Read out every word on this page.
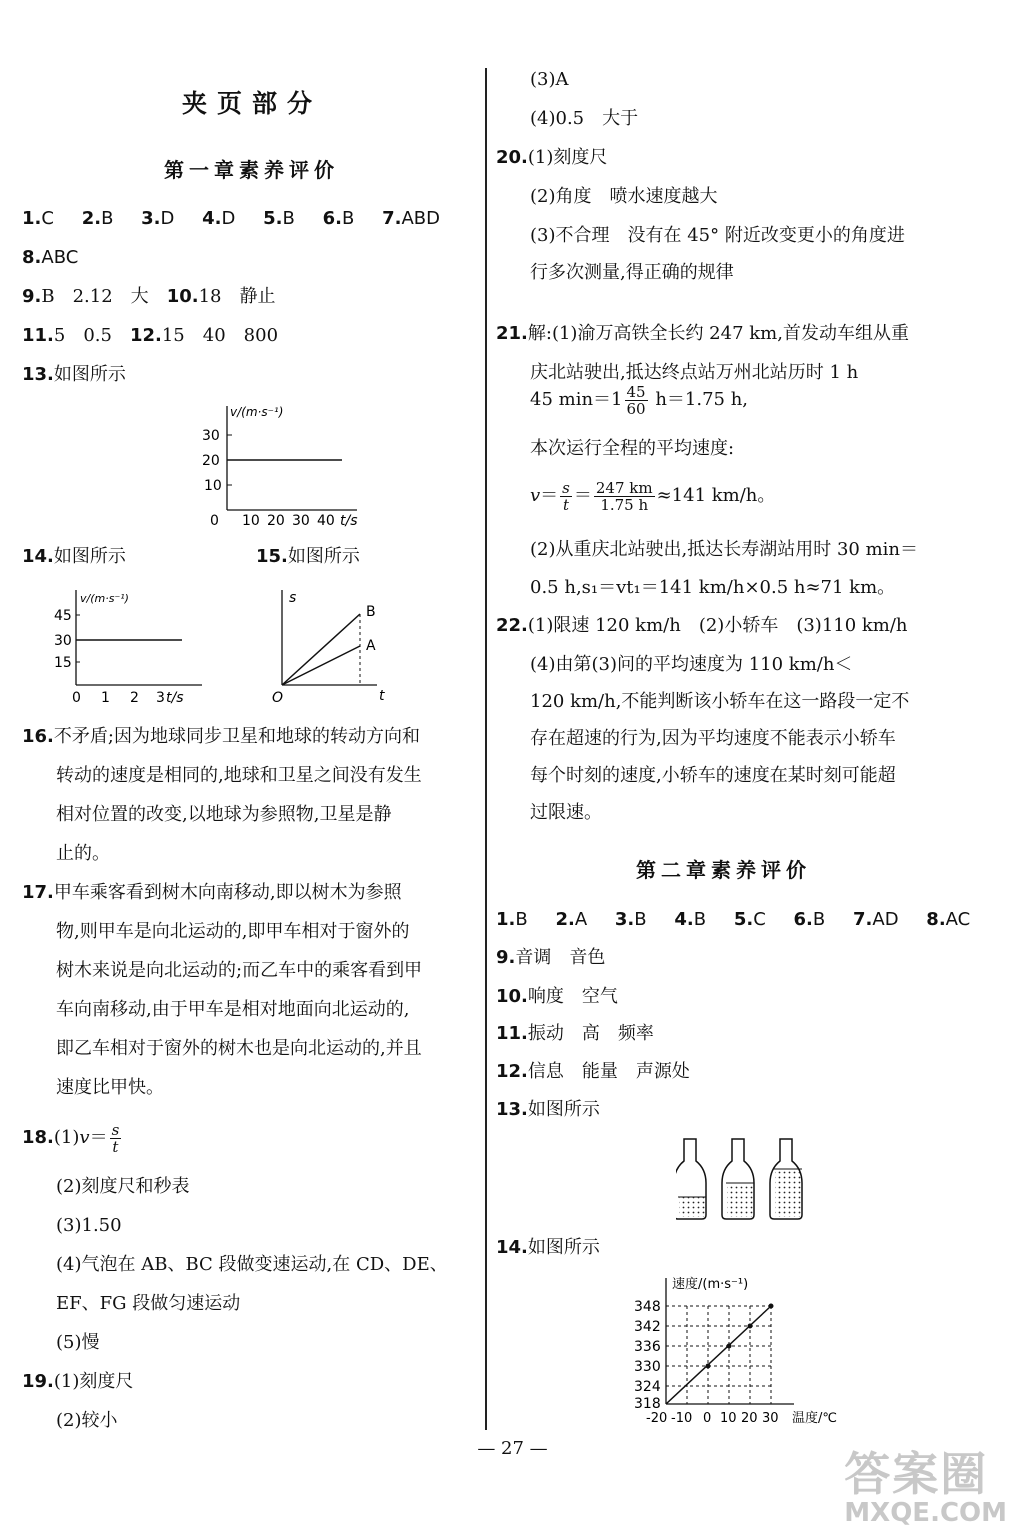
夹页部分
第一章素养评价
1.C 2.B 3.D 4.D 5.B 6.B 7.ABD
8.ABC
9.B　2.12　大　 10.18　静止
11.5　0.5　 12.15　40　800
13.如图所示
v/(m·s⁻¹)
30
20
10
0 10 20 30 40 t/s
14.如图所示	15.如图所示
v/(m·s⁻¹)
45
30
15
0 1 2 3 t/s
s
B
A
O	t
16.不矛盾;因为地球同步卫星和地球的转动方向和
转动的速度是相同的,地球和卫星之间没有发生
相对位置的改变,以地球为参照物,卫星是静
止的。
17.甲车乘客看到树木向南移动,即以树木为参照
物,则甲车是向北运动的,即甲车相对于窗外的
树木来说是向北运动的;而乙车中的乘客看到甲
车向南移动,由于甲车是相对地面向北运动的,
即乙车相对于窗外的树木也是向北运动的,并且
速度比甲快。
$18.(1)v= \frac{s}{t}$
(2)刻度尺和秒表
(3)1.50
(4)气泡在 AB、BC 段做变速运动,在 CD、DE、
EF、FG 段做匀速运动
(5)慢
19.(1)刻度尺
(2)较小
(3)A
(4)0.5　大于
20.(1)刻度尺
(2)角度　喷水速度越大
(3)不合理　没有在 45° 附近改变更小的角度进
行多次测量,得正确的规律
21.解:(1)渝万高铁全长约 247 km,首发动车组从重
庆北站驶出,抵达终点站万州北站历时 1 h
45 $\min=1 \frac{45}{60} h=1.75$ h,
本次运行全程的平均速度:
$v= \frac{s}{t} = \frac{247 km}{1.75 h} \approx 141$ km/h。
(2)从重庆北站驶出,抵达长寿湖站用时 30 min＝
0.5 h,s₁＝vt₁＝141 km/h×0.5 h≈71 km。
22.(1)限速 120 km/h　(2)小轿车　(3)110 km/h
(4)由第(3)问的平均速度为 110 km/h＜
120 km/h,不能判断该小轿车在这一路段一定不
存在超速的行为,因为平均速度不能表示小轿车
每个时刻的速度,小轿车的速度在某时刻可能超
过限速。
第二章素养评价
1.B 2.A 3.B 4.B 5.C 6.B 7.AD 8.AC
9.音调　音色
10.响度　空气
11.振动　高　频率
12.信息　能量　声源处
13.如图所示
14.如图所示
速度/(m·s⁻¹)
348
342
336
330
324
318
-20 -10 0 10 20 30 温度/℃
— 27 —	答案圈
MXQE.COM
